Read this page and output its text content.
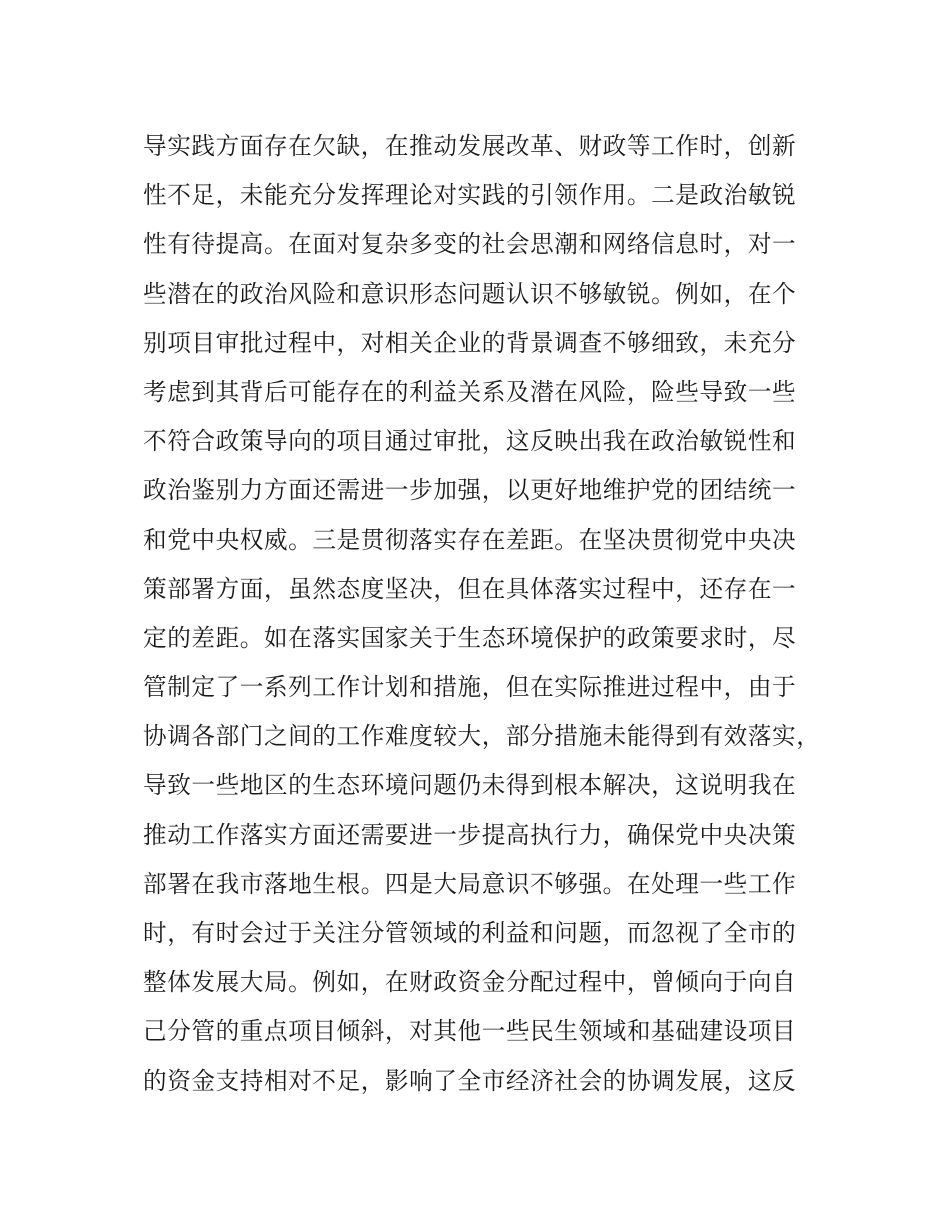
导实践方面存在欠缺，在推动发展改革、财政等工作时，创新
性不足，未能充分发挥理论对实践的引领作用。二是政治敏锐
性有待提高。在面对复杂多变的社会思潮和网络信息时，对一
些潜在的政治风险和意识形态问题认识不够敏锐。例如，在个
别项目审批过程中，对相关企业的背景调查不够细致，未充分
考虑到其背后可能存在的利益关系及潜在风险，险些导致一些
不符合政策导向的项目通过审批，这反映出我在政治敏锐性和
政治鉴别力方面还需进一步加强，以更好地维护党的团结统一
和党中央权威。三是贯彻落实存在差距。在坚决贯彻党中央决
策部署方面，虽然态度坚决，但在具体落实过程中，还存在一
定的差距。如在落实国家关于生态环境保护的政策要求时，尽
管制定了一系列工作计划和措施，但在实际推进过程中，由于
协调各部门之间的工作难度较大，部分措施未能得到有效落实，
导致一些地区的生态环境问题仍未得到根本解决，这说明我在
推动工作落实方面还需要进一步提高执行力，确保党中央决策
部署在我市落地生根。四是大局意识不够强。在处理一些工作
时，有时会过于关注分管领域的利益和问题，而忽视了全市的
整体发展大局。例如，在财政资金分配过程中，曾倾向于向自
己分管的重点项目倾斜，对其他一些民生领域和基础建设项目
的资金支持相对不足，影响了全市经济社会的协调发展，这反
